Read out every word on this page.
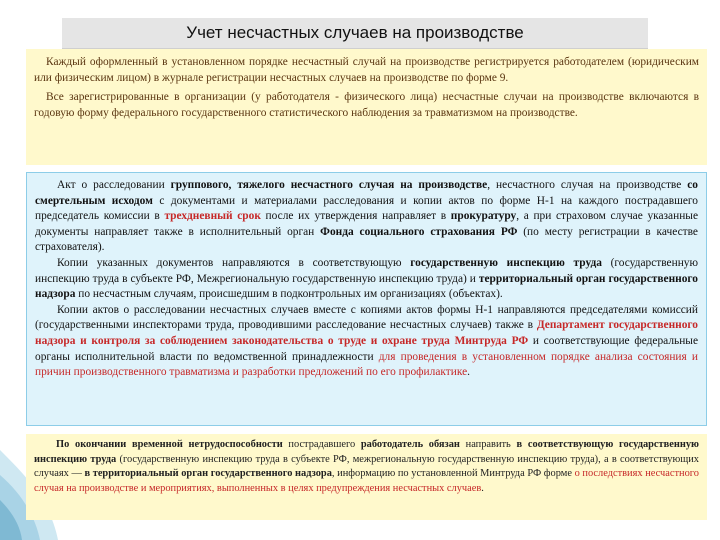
Учет несчастных случаев на производстве

Каждый оформленный в установленном порядке несчастный случай на производстве регистрируется работодателем (юридическим или физическим лицом) в журнале регистрации несчастных случаев на производстве по форме 9.

Все зарегистрированные в организации (у работодателя - физического лица) несчастные случаи на производстве включаются в годовую форму федерального государственного статистического наблюдения за травматизмом на производстве.

Акт о расследовании группового, тяжелого несчастного случая на производстве, несчастного случая на производстве со смертельным исходом с документами и материалами расследования и копии актов по форме Н-1 на каждого пострадавшего председатель комиссии в трехдневный срок после их утверждения направляет в прокуратуру, а при страховом случае указанные документы направляет также в исполнительный орган Фонда социального страхования РФ (по месту регистрации в качестве страхователя).

Копии указанных документов направляются в соответствующую государственную инспекцию труда (государственную инспекцию труда в субъекте РФ, Межрегиональную государственную инспекцию труда) и территориальный орган государственного надзора по несчастным случаям, происшедшим в подконтрольных им организациях (объектах).

Копии актов о расследовании несчастных случаев вместе с копиями актов формы Н-1 направляются председателями комиссий (государственными инспекторами труда, проводившими расследование несчастных случаев) также в Департамент государственного надзора и контроля за соблюдением законодательства о труде и охране труда Минтруда РФ и соответствующие федеральные органы исполнительной власти по ведомственной принадлежности для проведения в установленном порядке анализа состояния и причин производственного травматизма и разработки предложений по его профилактике.

По окончании временной нетрудоспособности пострадавшего работодатель обязан направить в соответствующую государственную инспекцию труда (государственную инспекцию труда в субъекте РФ, межрегиональную государственную инспекцию труда), а в соответствующих случаях — в территориальный орган государственного надзора, информацию по установленной Минтруда РФ форме о последствиях несчастного случая на производстве и мероприятиях, выполненных в целях предупреждения несчастных случаев.
